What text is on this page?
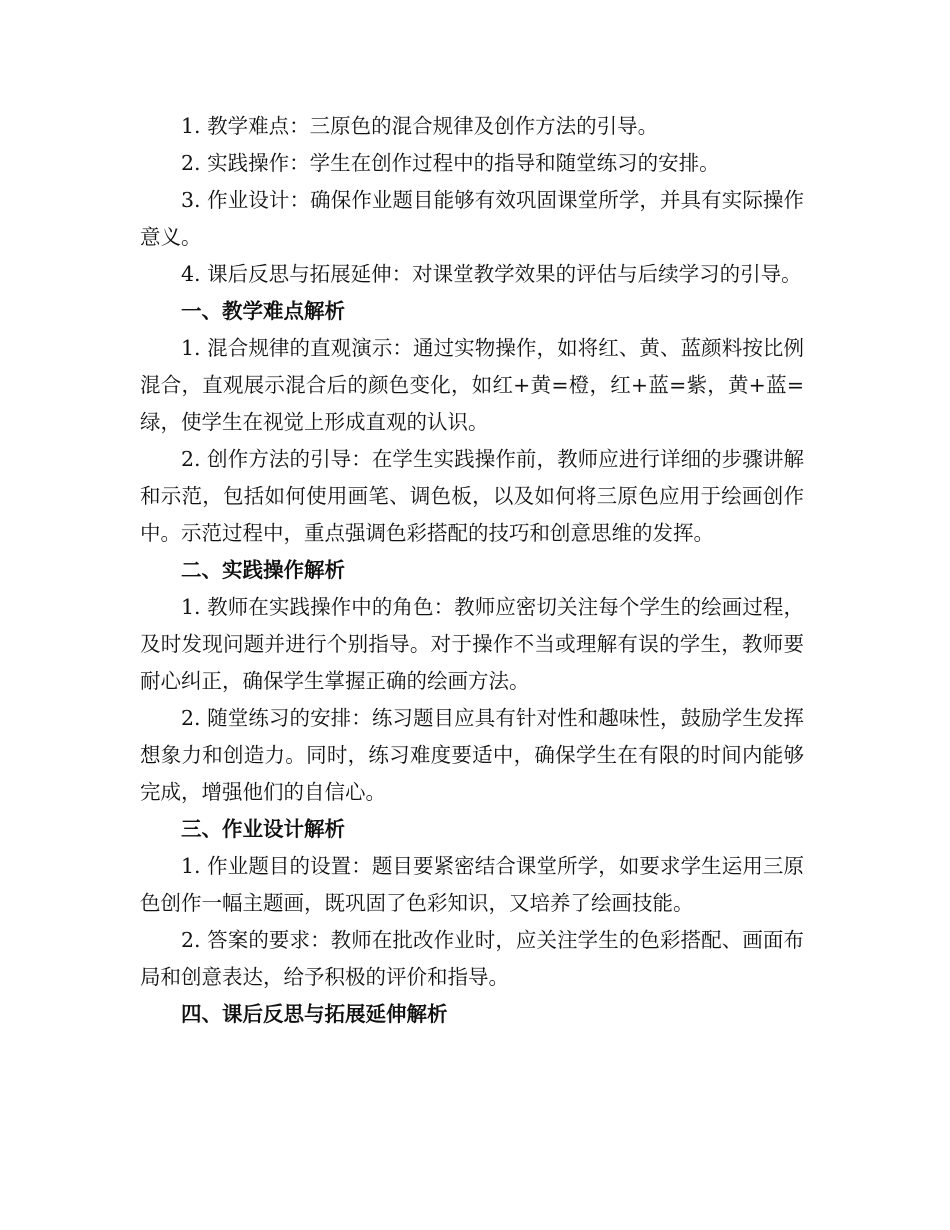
1. 教学难点：三原色的混合规律及创作方法的引导。

2. 实践操作：学生在创作过程中的指导和随堂练习的安排。

3. 作业设计：确保作业题目能够有效巩固课堂所学，并具有实际操作意义。

4. 课后反思与拓展延伸：对课堂教学效果的评估与后续学习的引导。

一、教学难点解析

1. 混合规律的直观演示：通过实物操作，如将红、黄、蓝颜料按比例混合，直观展示混合后的颜色变化，如红+黄=橙，红+蓝=紫，黄+蓝=绿，使学生在视觉上形成直观的认识。

2. 创作方法的引导：在学生实践操作前，教师应进行详细的步骤讲解和示范，包括如何使用画笔、调色板，以及如何将三原色应用于绘画创作中。示范过程中，重点强调色彩搭配的技巧和创意思维的发挥。

二、实践操作解析

1. 教师在实践操作中的角色：教师应密切关注每个学生的绘画过程，及时发现问题并进行个别指导。对于操作不当或理解有误的学生，教师要耐心纠正，确保学生掌握正确的绘画方法。

2. 随堂练习的安排：练习题目应具有针对性和趣味性，鼓励学生发挥想象力和创造力。同时，练习难度要适中，确保学生在有限的时间内能够完成，增强他们的自信心。

三、作业设计解析

1. 作业题目的设置：题目要紧密结合课堂所学，如要求学生运用三原色创作一幅主题画，既巩固了色彩知识，又培养了绘画技能。

2. 答案的要求：教师在批改作业时，应关注学生的色彩搭配、画面布局和创意表达，给予积极的评价和指导。

四、课后反思与拓展延伸解析
